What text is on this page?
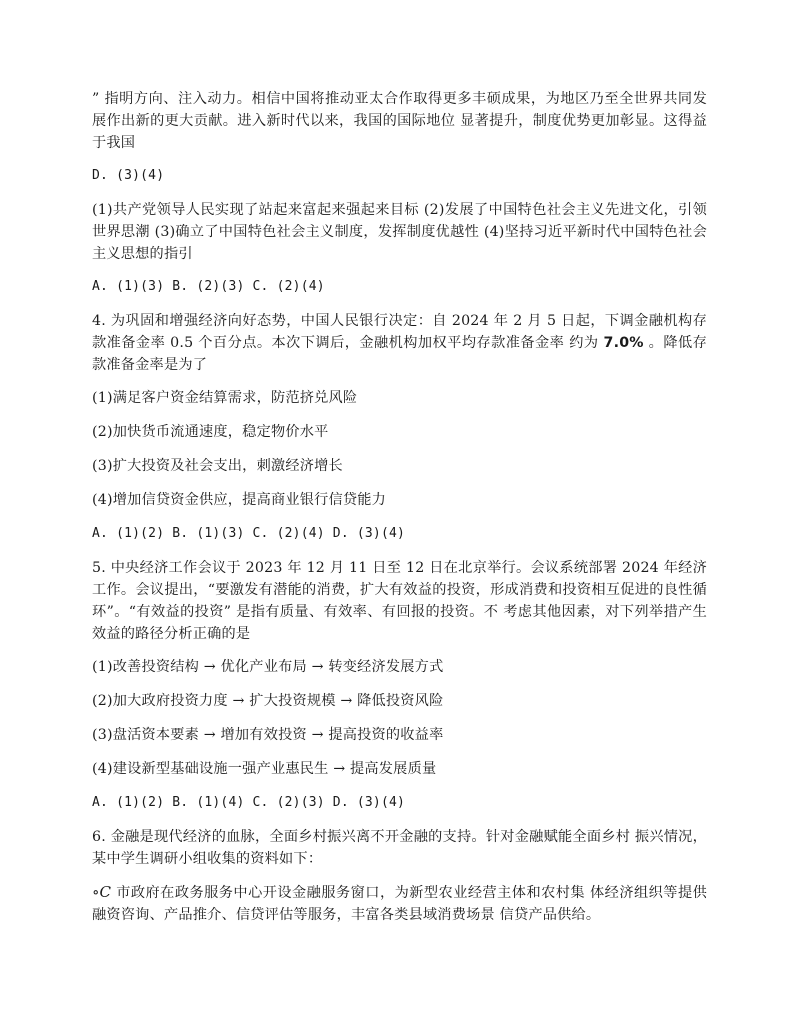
” 指明方向、注入动力。相信中国将推动亚太合作取得更多丰硕成果，为地区乃至全世界共同发展作出新的更大贡献。进入新时代以来，我国的国际地位 显著提升，制度优势更加彰显。这得益于我国

D. (3)(4)

(1)共产党领导人民实现了站起来富起来强起来目标 (2)发展了中国特色社会主义先进文化，引领世界思潮 (3)确立了中国特色社会主义制度，发挥制度优越性 (4)坚持习近平新时代中国特色社会主义思想的指引

A. (1)(3) B. (2)(3) C. (2)(4)

4. 为巩固和增强经济向好态势，中国人民银行决定：自 2024 年 2 月 5 日起，下调金融机构存款准备金率 0.5 个百分点。本次下调后，金融机构加权平均存款准备金率 约为 7.0% 。降低存款准备金率是为了

(1)满足客户资金结算需求，防范挤兑风险

(2)加快货币流通速度，稳定物价水平

(3)扩大投资及社会支出，刺激经济增长

(4)增加信贷资金供应，提高商业银行信贷能力

A. (1)(2) B. (1)(3) C. (2)(4) D. (3)(4)

5. 中央经济工作会议于 2023 年 12 月 11 日至 12 日在北京举行。会议系统部署 2024 年经济工作。会议提出，“要激发有潜能的消费，扩大有效益的投资，形成消费和投资相互促进的良性循环”。“有效益的投资” 是指有质量、有效率、有回报的投资。不 考虑其他因素，对下列举措产生效益的路径分析正确的是

(1)改善投资结构 → 优化产业布局 → 转变经济发展方式

(2)加大政府投资力度 → 扩大投资规模 → 降低投资风险

(3)盘活资本要素 → 增加有效投资 → 提高投资的收益率

(4)建设新型基础设施一强产业惠民生 → 提高发展质量

A. (1)(2) B. (1)(4) C. (2)(3) D. (3)(4)

6. 金融是现代经济的血脉，全面乡村振兴离不开金融的支持。针对金融赋能全面乡村 振兴情况，某中学生调研小组收集的资料如下：

∘C 市政府在政务服务中心开设金融服务窗口，为新型农业经营主体和农村集 体经济组织等提供融资咨询、产品推介、信贷评估等服务，丰富各类县域消费场景 信贷产品供给。
